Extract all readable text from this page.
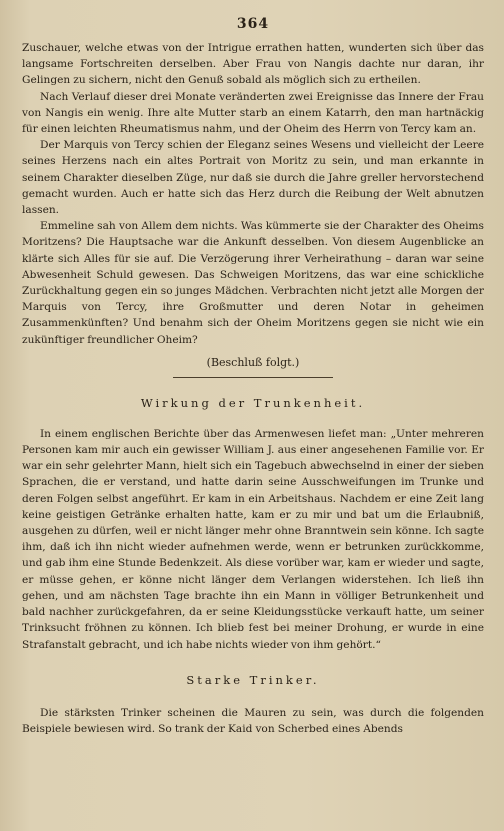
364

Zuschauer, welche etwas von der Intrigue errathen hatten, wunderten sich über das langsame Fortschreiten derselben. Aber Frau von Nangis dachte nur daran, ihr Gelingen zu sichern, nicht den Genuß sobald als möglich sich zu ertheilen.

Nach Verlauf dieser drei Monate veränderten zwei Ereignisse das Innere der Frau von Nangis ein wenig. Ihre alte Mutter starb an einem Katarrh, den man hartnäckig für einen leichten Rheumatismus nahm, und der Oheim des Herrn von Tercy kam an.

Der Marquis von Tercy schien der Eleganz seines Wesens und vielleicht der Leere seines Herzens nach ein altes Portrait von Moritz zu sein, und man erkannte in seinem Charakter dieselben Züge, nur daß sie durch die Jahre greller hervorstechend gemacht wurden. Auch er hatte sich das Herz durch die Reibung der Welt abnutzen lassen.

Emmeline sah von Allem dem nichts. Was kümmerte sie der Charakter des Oheims Moritzens? Die Hauptsache war die Ankunft desselben. Von diesem Augenblicke an klärte sich Alles für sie auf. Die Verzögerung ihrer Verheirathung – daran war seine Abwesenheit Schuld gewesen. Das Schweigen Moritzens, das war eine schickliche Zurückhaltung gegen ein so junges Mädchen. Verbrachten nicht jetzt alle Morgen der Marquis von Tercy, ihre Großmutter und deren Notar in geheimen Zusammenkünften? Und benahm sich der Oheim Moritzens gegen sie nicht wie ein zukünftiger freundlicher Oheim?

(Beschluß folgt.)
Wirkung der Trunkenheit.

In einem englischen Berichte über das Armenwesen liefet man: „Unter mehreren Personen kam mir auch ein gewisser William J. aus einer angesehenen Familie vor. Er war ein sehr gelehrter Mann, hielt sich ein Tagebuch abwechselnd in einer der sieben Sprachen, die er verstand, und hatte darin seine Ausschweifungen im Trunke und deren Folgen selbst angeführt. Er kam in ein Arbeitshaus. Nachdem er eine Zeit lang keine geistigen Getränke erhalten hatte, kam er zu mir und bat um die Erlaubniß, ausgehen zu dürfen, weil er nicht länger mehr ohne Branntwein sein könne. Ich sagte ihm, daß ich ihn nicht wieder aufnehmen werde, wenn er betrunken zurückkomme, und gab ihm eine Stunde Bedenkzeit. Als diese vorüber war, kam er wieder und sagte, er müsse gehen, er könne nicht länger dem Verlangen widerstehen. Ich ließ ihn gehen, und am nächsten Tage brachte ihn ein Mann in völliger Betrunkenheit und bald nachher zurückgefahren, da er seine Kleidungsstücke verkauft hatte, um seiner Trinksucht fröhnen zu können. Ich blieb fest bei meiner Drohung, er wurde in eine Strafanstalt gebracht, und ich habe nichts wieder von ihm gehört.“

Starke Trinker.

Die stärksten Trinker scheinen die Mauren zu sein, was durch die folgenden Beispiele bewiesen wird. So trank der Kaid von Scherbed eines Abends
